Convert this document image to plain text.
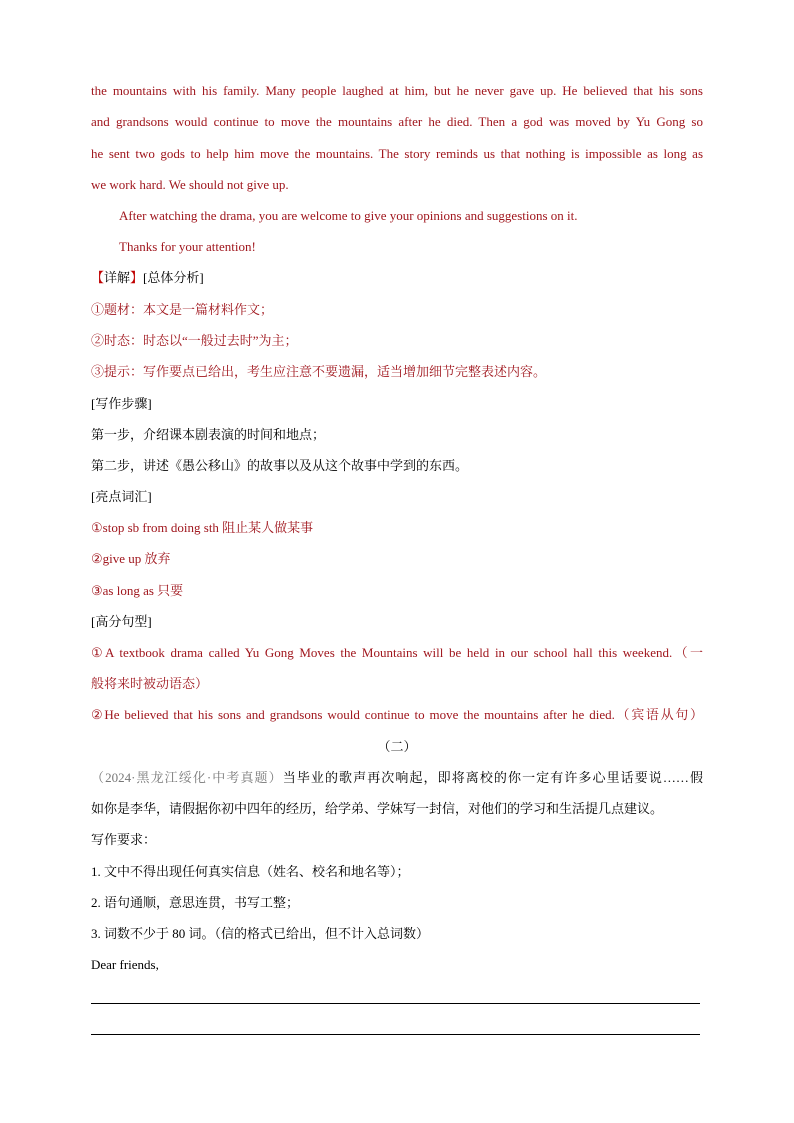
the mountains with his family. Many people laughed at him, but he never gave up. He believed that his sons
and grandsons would continue to move the mountains after he died. Then a god was moved by Yu Gong so
he sent two gods to help him move the mountains. The story reminds us that nothing is impossible as long as
we work hard. We should not give up.
After watching the drama, you are welcome to give your opinions and suggestions on it.
Thanks for your attention!
【详解】[总体分析]
①题材：本文是一篇材料作文；
②时态：时态以“一般过去时”为主；
③提示：写作要点已给出，考生应注意不要遗漏，适当增加细节完整表述内容。
[写作步骤]
第一步，介绍课本剧表演的时间和地点；
第二步，讲述《愚公移山》的故事以及从这个故事中学到的东西。
[亮点词汇]
①stop sb from doing sth 阻止某人做某事
②give up 放弃
③as long as 只要
[高分句型]
①A textbook drama called Yu Gong Moves the Mountains will be held in our school hall this weekend.（一
般将来时被动语态）
②He believed that his sons and grandsons would continue to move the mountains after he died.（宾语从句）
（二）
（2024·黑龙江绥化·中考真题）当毕业的歌声再次响起，即将离校的你一定有许多心里话要说……假
如你是李华，请假据你初中四年的经历，给学弟、学妹写一封信，对他们的学习和生活提几点建议。
写作要求：
1. 文中不得出现任何真实信息（姓名、校名和地名等）；
2. 语句通顺，意思连贯，书写工整；
3. 词数不少于 80 词。（信的格式已给出，但不计入总词数）
Dear friends,
